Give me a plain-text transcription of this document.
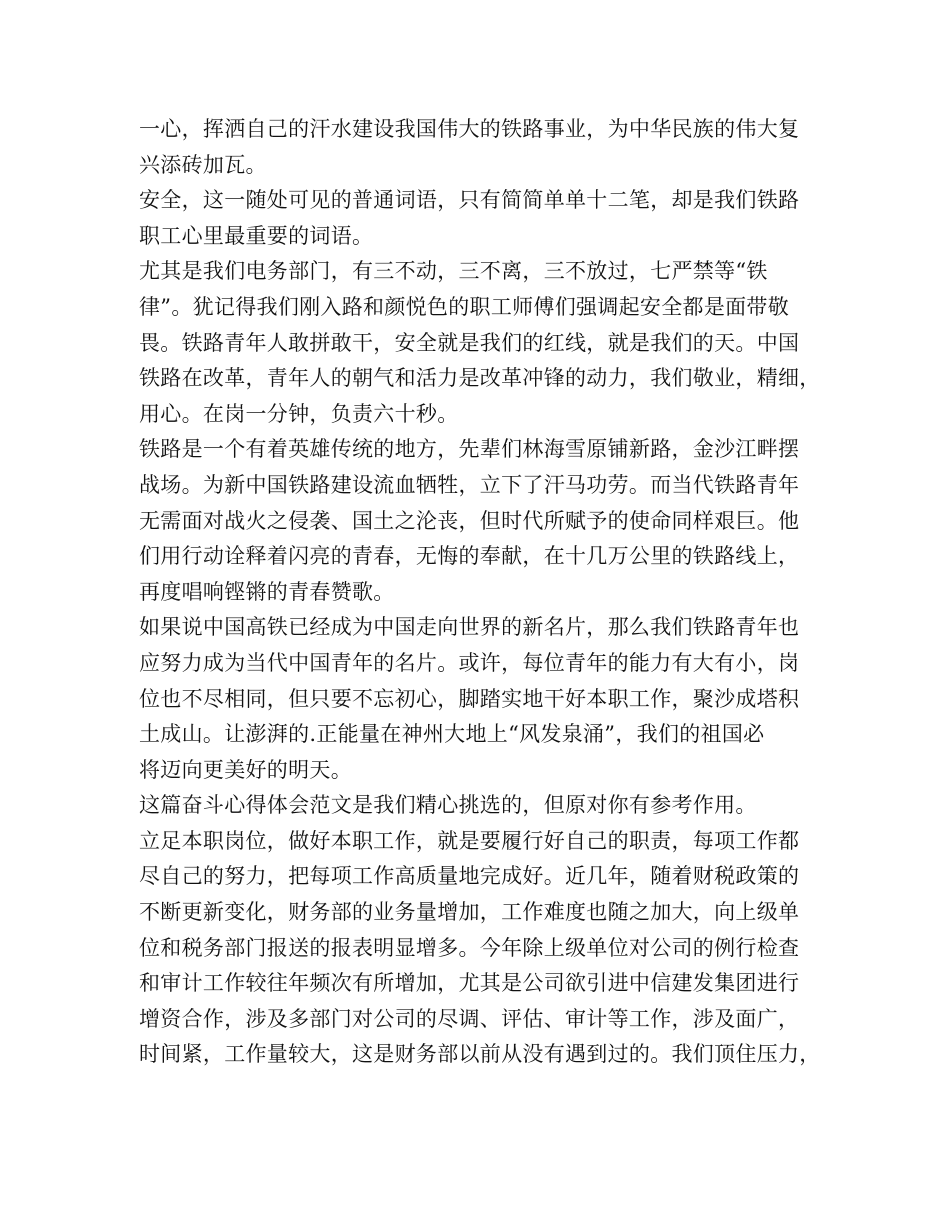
一心，挥洒自己的汗水建设我国伟大的铁路事业，为中华民族的伟大复
兴添砖加瓦。
安全，这一随处可见的普通词语，只有简简单单十二笔，却是我们铁路
职工心里最重要的词语。
尤其是我们电务部门，有三不动，三不离，三不放过，七严禁等“铁
律”。犹记得我们刚入路和颜悦色的职工师傅们强调起安全都是面带敬
畏。铁路青年人敢拼敢干，安全就是我们的红线，就是我们的天。中国
铁路在改革，青年人的朝气和活力是改革冲锋的动力，我们敬业，精细，
用心。在岗一分钟，负责六十秒。
铁路是一个有着英雄传统的地方，先辈们林海雪原铺新路，金沙江畔摆
战场。为新中国铁路建设流血牺牲，立下了汗马功劳。而当代铁路青年
无需面对战火之侵袭、国土之沦丧，但时代所赋予的使命同样艰巨。他
们用行动诠释着闪亮的青春，无悔的奉献，在十几万公里的铁路线上，
再度唱响铿锵的青春赞歌。
如果说中国高铁已经成为中国走向世界的新名片，那么我们铁路青年也
应努力成为当代中国青年的名片。或许，每位青年的能力有大有小，岗
位也不尽相同，但只要不忘初心，脚踏实地干好本职工作，聚沙成塔积
土成山。让澎湃的.正能量在神州大地上“风发泉涌”，我们的祖国必
将迈向更美好的明天。
这篇奋斗心得体会范文是我们精心挑选的，但原对你有参考作用。
立足本职岗位，做好本职工作，就是要履行好自己的职责，每项工作都
尽自己的努力，把每项工作高质量地完成好。近几年，随着财税政策的
不断更新变化，财务部的业务量增加，工作难度也随之加大，向上级单
位和税务部门报送的报表明显增多。今年除上级单位对公司的例行检查
和审计工作较往年频次有所增加，尤其是公司欲引进中信建发集团进行
增资合作，涉及多部门对公司的尽调、评估、审计等工作，涉及面广，
时间紧，工作量较大，这是财务部以前从没有遇到过的。我们顶住压力，
